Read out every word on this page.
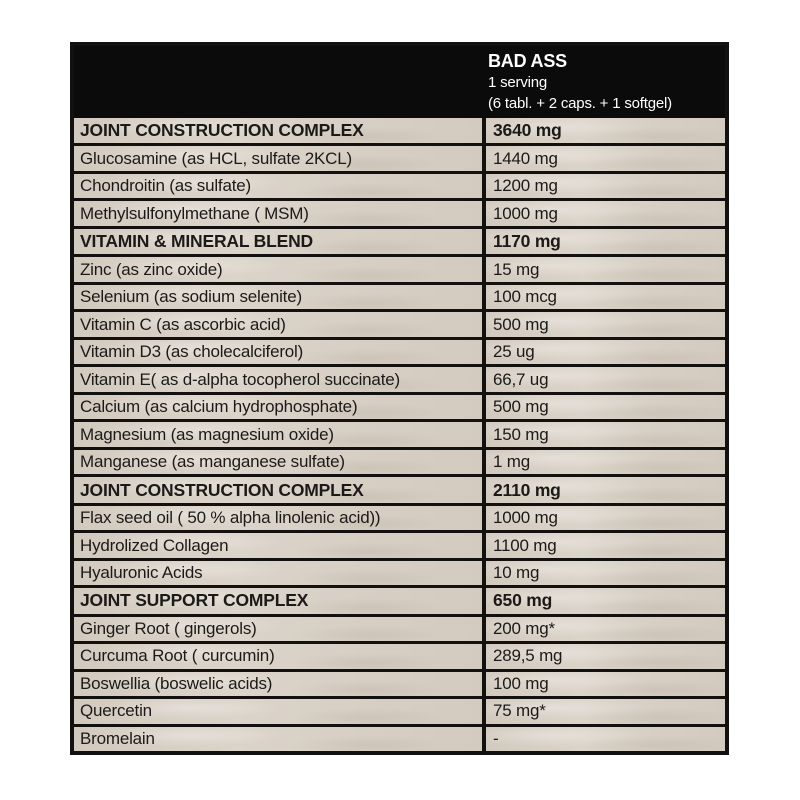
BAD ASS
1 serving
(6 tabl. + 2 caps. + 1 softgel)
JOINT CONSTRUCTION COMPLEX	3640 mg
Glucosamine (as HCL, sulfate 2KCL)	1440 mg
Chondroitin (as sulfate)	1200 mg
Methylsulfonylmethane ( MSM)	1000 mg
VITAMIN & MINERAL BLEND	1170 mg
Zinc (as zinc oxide)	15 mg
Selenium (as sodium selenite)	100 mcg
Vitamin C (as ascorbic acid)	500 mg
Vitamin D3 (as cholecalciferol)	25 ug
Vitamin E( as d-alpha tocopherol succinate)	66,7 ug
Calcium (as calcium hydrophosphate)	500 mg
Magnesium (as magnesium oxide)	150 mg
Manganese (as manganese sulfate)	1 mg
JOINT CONSTRUCTION COMPLEX	2110 mg
Flax seed oil ( 50 % alpha linolenic acid))	1000 mg
Hydrolized Collagen	1100 mg
Hyaluronic Acids	10 mg
JOINT SUPPORT COMPLEX	650 mg
Ginger Root ( gingerols)	200 mg*
Curcuma Root ( curcumin)	289,5 mg
Boswellia (boswelic acids)	100 mg
Quercetin	75 mg*
Bromelain	-
